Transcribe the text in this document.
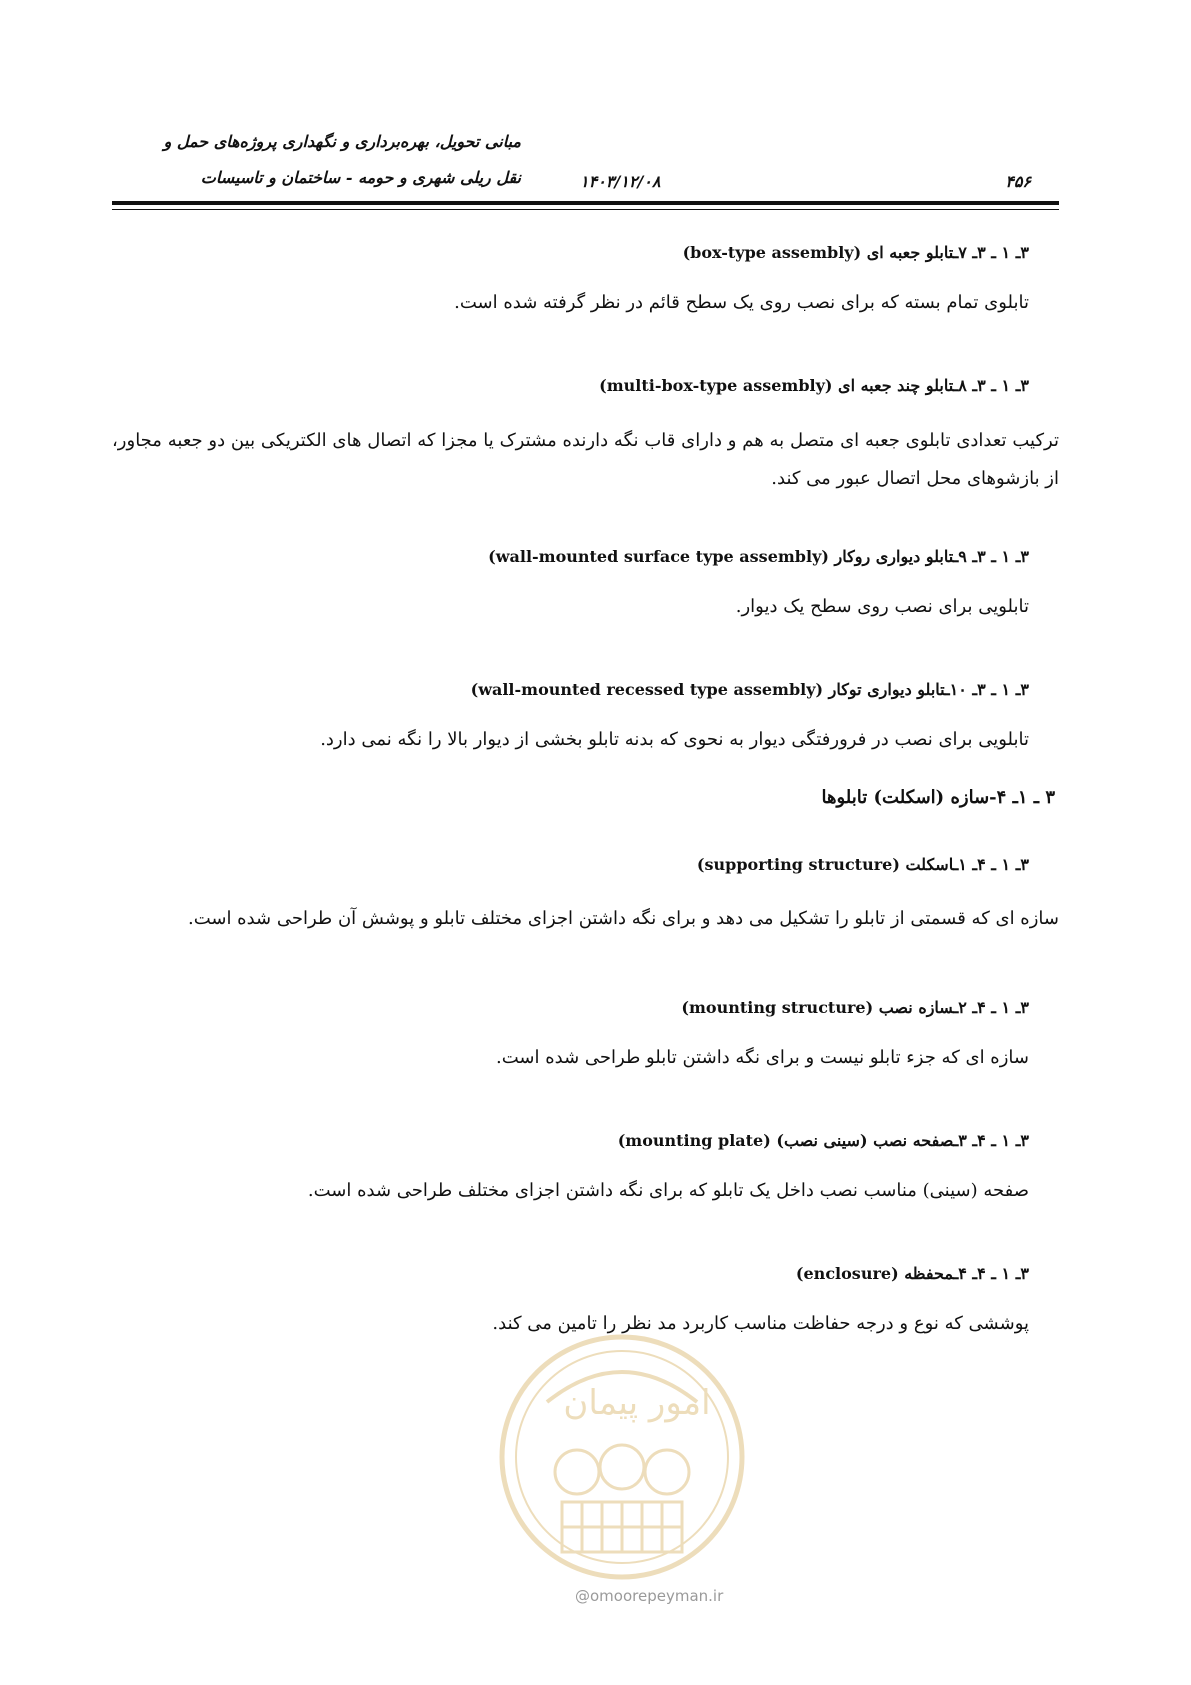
مبانی تحویل، بهره‌برداری و نگهداری پروژه‌های حمل و
نقل ریلی شهری و حومه - ساختمان و تاسیسات	۱۴۰۳/۱۲/۰۸	۴۵۶
۳ـ ۱ ـ ۳ـ ۷ـتابلو جعبه ای (box-type assembly)
تابلوی تمام بسته که برای نصب روی یک سطح قائم در نظر گرفته شده است.
۳ـ ۱ ـ ۳ـ ۸ـتابلو چند جعبه ای (multi-box-type assembly)
ترکیب تعدادی تابلوی جعبه ای متصل به هم و دارای قاب نگه دارنده مشترک یا مجزا که اتصال های الکتریکی بین دو جعبه مجاور، از بازشوهای محل اتصال عبور می کند.
۳ـ ۱ ـ ۳ـ ۹ـتابلو دیواری روکار (wall-mounted surface type assembly)
تابلویی برای نصب روی سطح یک دیوار.
۳ـ ۱ ـ ۳ـ ۱۰ـتابلو دیواری توکار (wall-mounted recessed type assembly)
تابلویی برای نصب در فرورفتگی دیوار به نحوی که بدنه تابلو بخشی از دیوار بالا را نگه نمی دارد.
۳ ـ ۱ـ ۴-سازه (اسکلت) تابلوها
۳ـ ۱ ـ ۴ـ ۱ـاسکلت (supporting structure)
سازه ای که قسمتی از تابلو را تشکیل می دهد و برای نگه داشتن اجزای مختلف تابلو و پوشش آن طراحی شده است.
۳ـ ۱ ـ ۴ـ ۲ـسازه نصب (mounting structure)
سازه ای که جزء تابلو نیست و برای نگه داشتن تابلو طراحی شده است.
۳ـ ۱ ـ ۴ـ ۳ـصفحه نصب (سینی نصب) (mounting plate)
صفحه (سینی) مناسب نصب داخل یک تابلو که برای نگه داشتن اجزای مختلف طراحی شده است.
امور پیمان
@omoorepeyman.ir
۳ـ ۱ ـ ۴ـ ۴ـمحفظه (enclosure)
پوششی که نوع و درجه حفاظت مناسب کاربرد مد نظر را تامین می کند.
